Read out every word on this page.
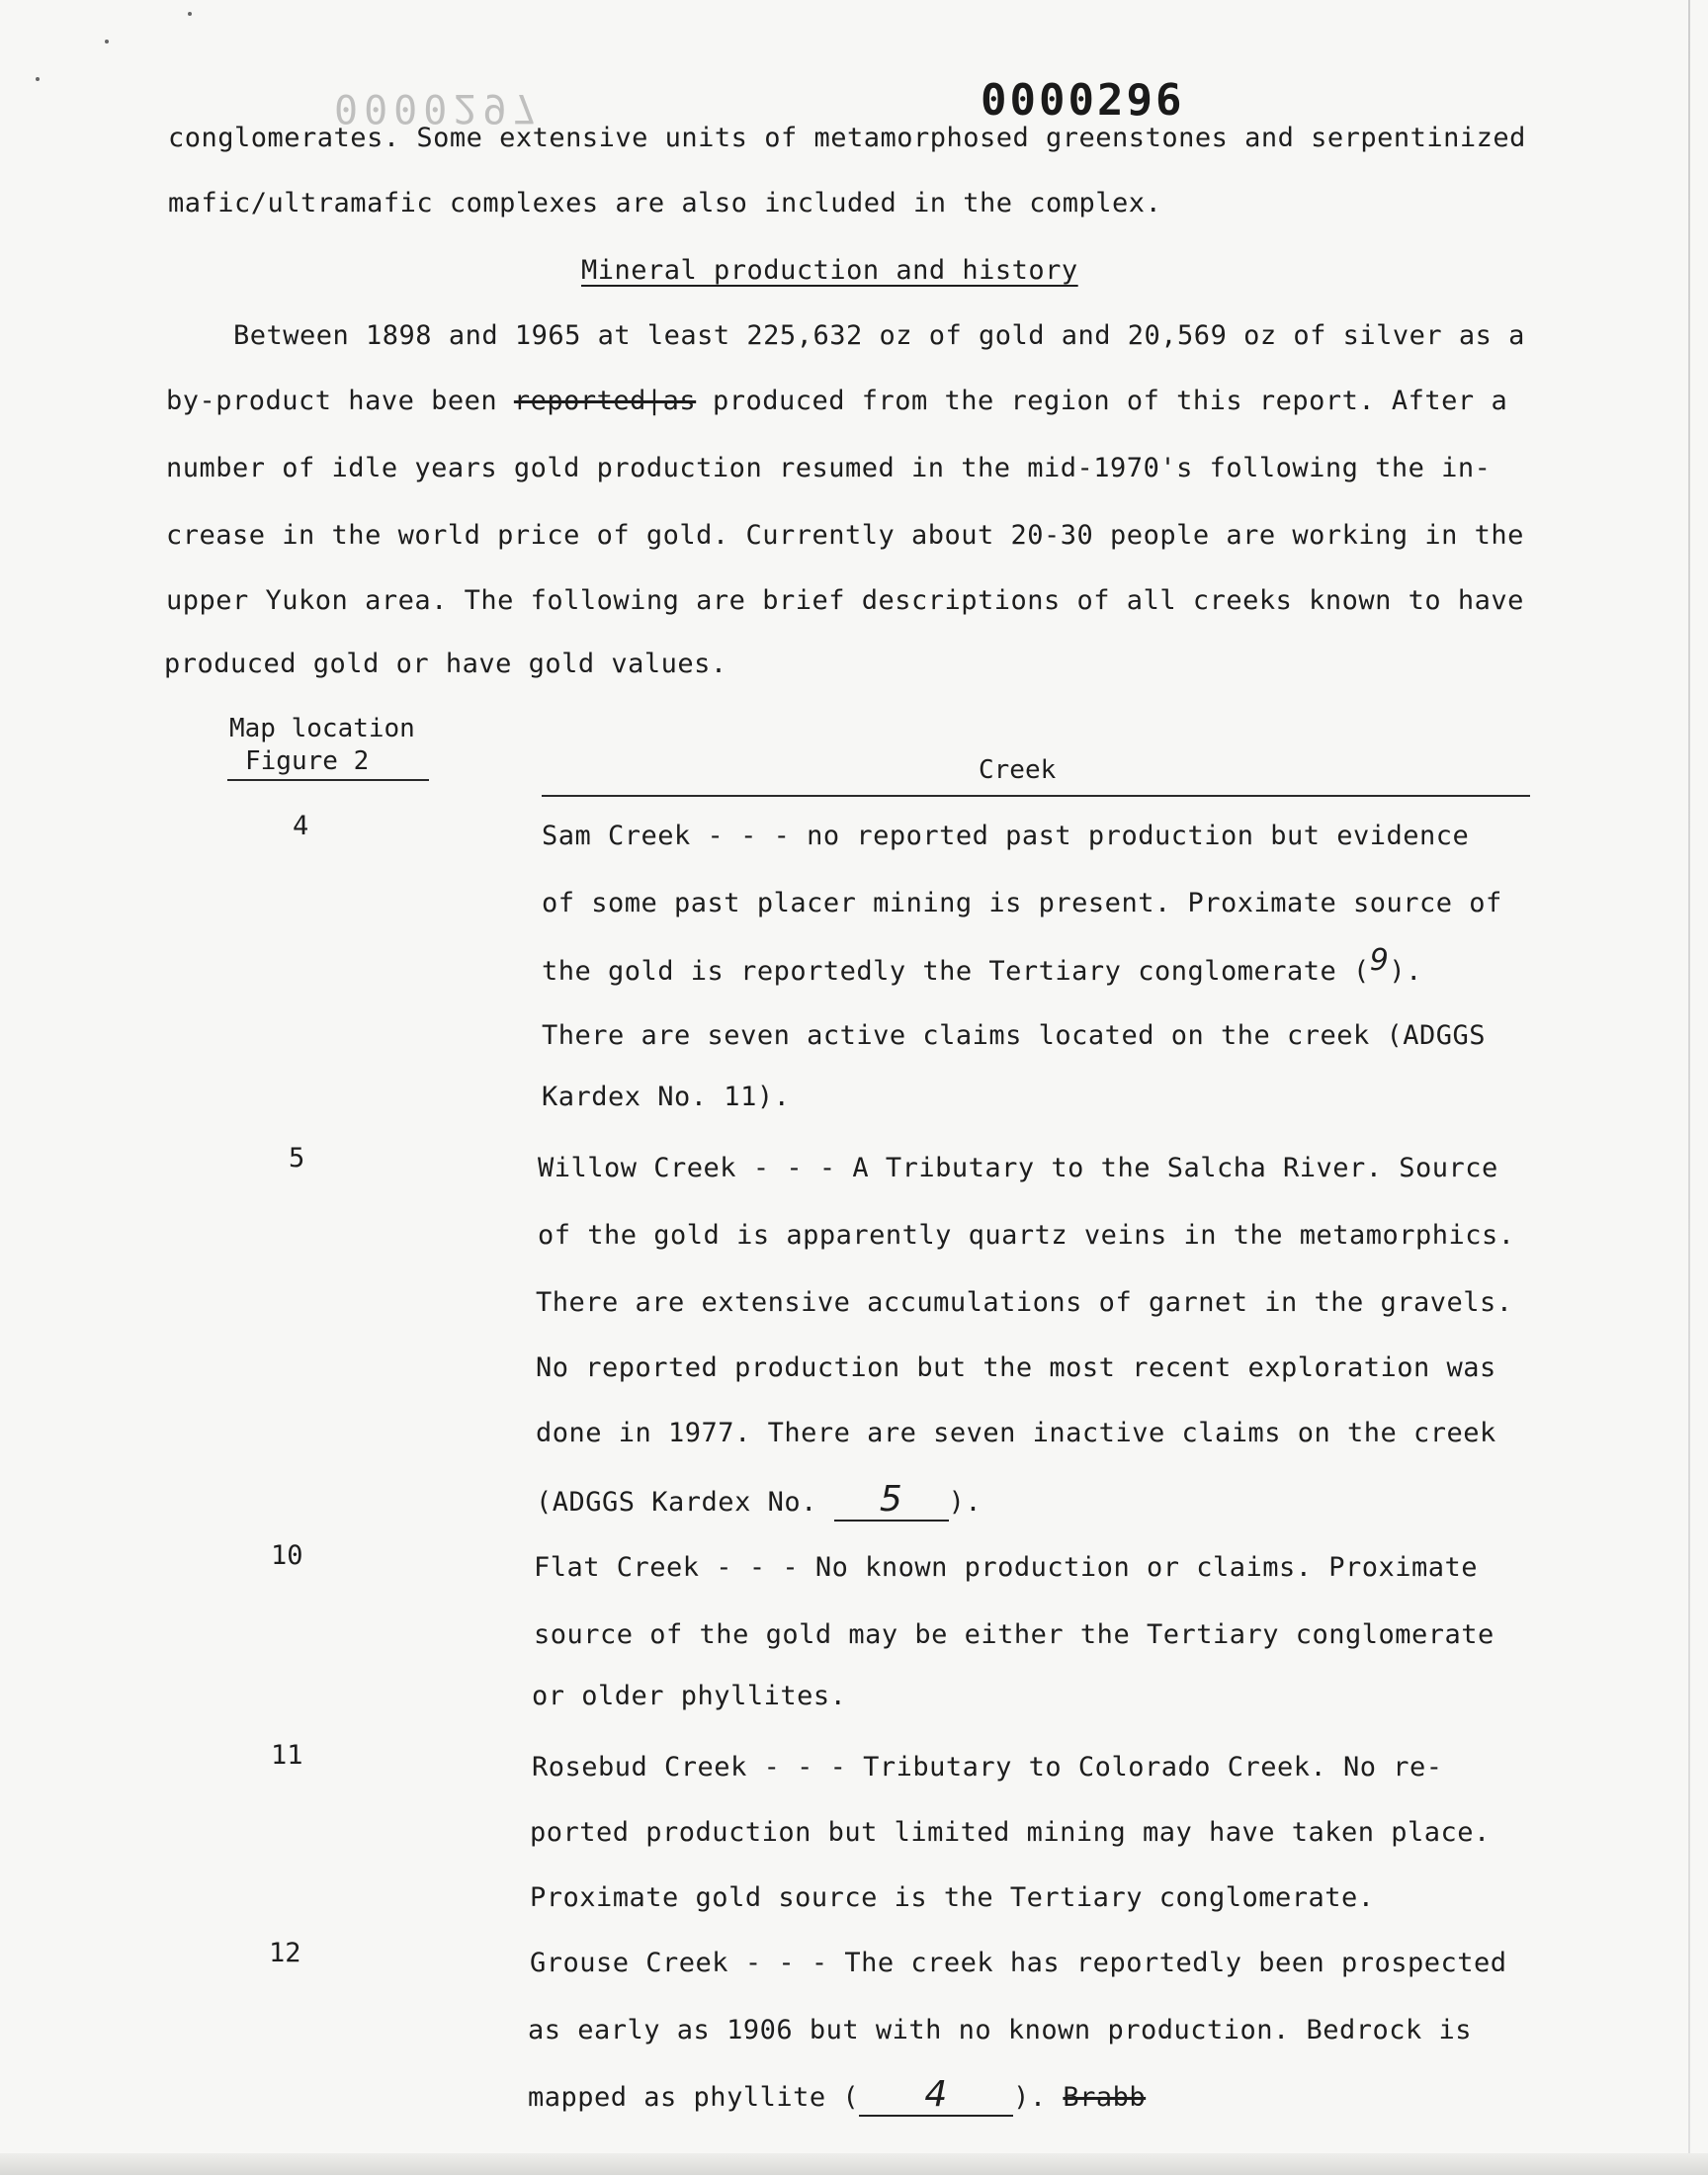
0000297	0000296
conglomerates. Some extensive units of metamorphosed greenstones and serpentinized
mafic/ultramafic complexes are also included in the complex.
Mineral production and history
Between 1898 and 1965 at least 225,632 oz of gold and 20,569 oz of silver as a
by-product have been reported|as produced from the region of this report. After a
number of idle years gold production resumed in the mid-1970's following the in-
crease in the world price of gold. Currently about 20-30 people are working in the
upper Yukon area. The following are brief descriptions of all creeks known to have
produced gold or have gold values.
Map location
Figure 2	Creek
4	Sam Creek - - - no reported past production but evidence
of some past placer mining is present. Proximate source of
the gold is reportedly the Tertiary conglomerate (9).
There are seven active claims located on the creek (ADGGS
Kardex No. 11).
5	Willow Creek - - - A Tributary to the Salcha River. Source
of the gold is apparently quartz veins in the metamorphics.
There are extensive accumulations of garnet in the gravels.
No reported production but the most recent exploration was
done in 1977. There are seven inactive claims on the creek
(ADGGS Kardex No. 5 ).
10	Flat Creek - - - No known production or claims. Proximate
source of the gold may be either the Tertiary conglomerate
or older phyllites.
11	Rosebud Creek - - - Tributary to Colorado Creek. No re-
ported production but limited mining may have taken place.
Proximate gold source is the Tertiary conglomerate.
12	Grouse Creek - - - The creek has reportedly been prospected
as early as 1906 but with no known production. Bedrock is
mapped as phyllite ( 4 ). Brabb
